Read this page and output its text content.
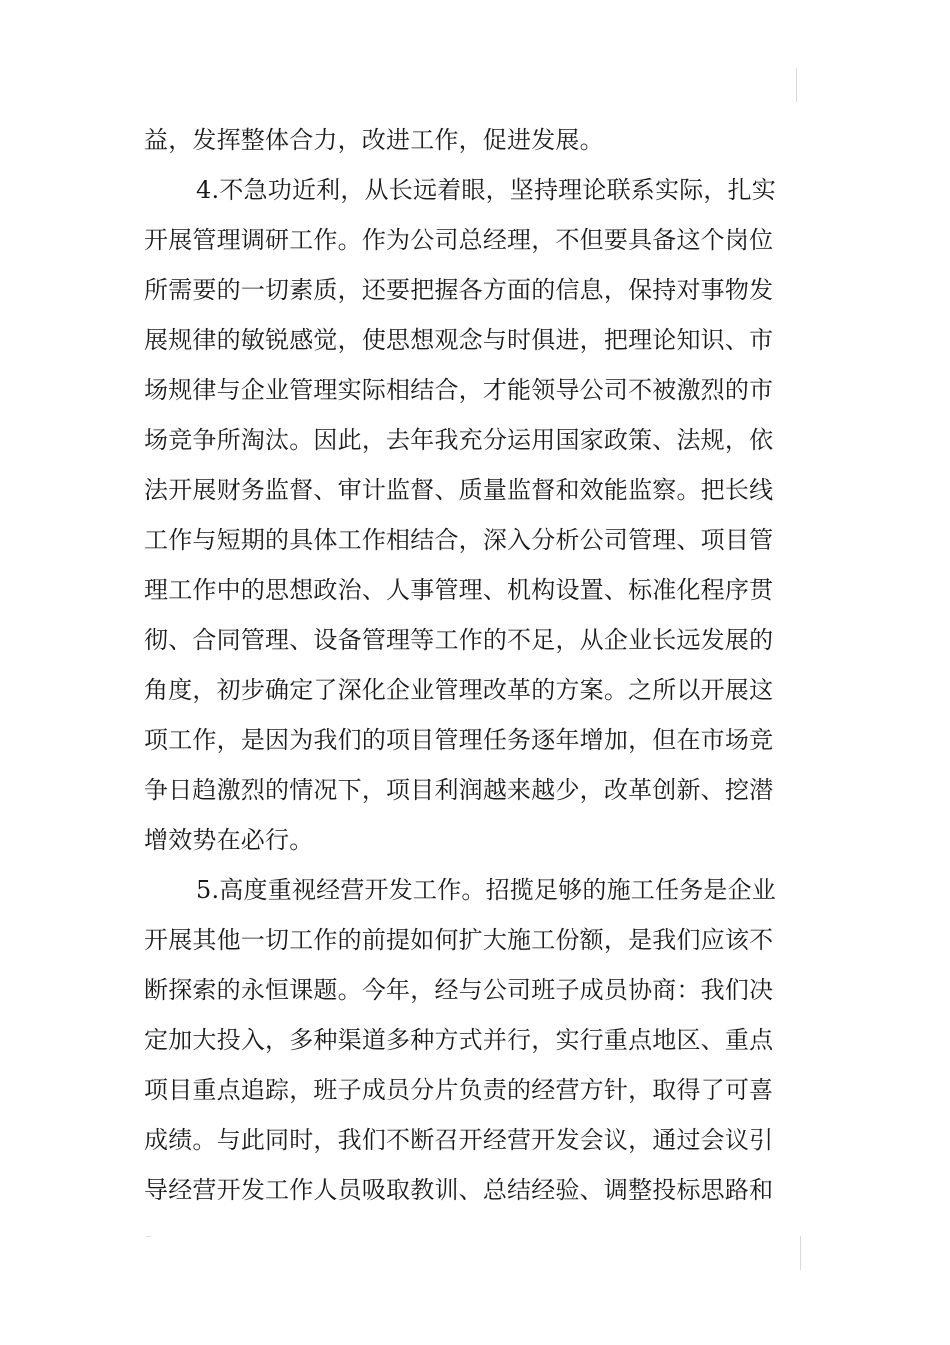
益，发挥整体合力，改进工作，促进发展。
4 . 不 急 功 近 利 ， 从 长 远 着 眼 ， 坚 持 理 论 联 系 实 际 ， 扎 实
开 展 管 理 调 研 工 作 。 作 为 公 司 总 经 理 ， 不 但 要 具 备 这 个 岗 位
所 需 要 的 一 切 素 质 ， 还 要 把 握 各 方 面 的 信 息 ， 保 持 对 事 物 发
展 规 律 的 敏 锐 感 觉 ， 使 思 想 观 念 与 时 俱 进 ， 把 理 论 知 识 、 市
场 规 律 与 企 业 管 理 实 际 相 结 合 ， 才 能 领 导 公 司 不 被 激 烈 的 市
场 竞 争 所 淘 汰 。 因 此 ， 去 年 我 充 分 运 用 国 家 政 策 、 法 规 ， 依
法 开 展 财 务 监 督 、 审 计 监 督 、 质 量 监 督 和 效 能 监 察 。 把 长 线
工 作 与 短 期 的 具 体 工 作 相 结 合 ， 深 入 分 析 公 司 管 理 、 项 目 管
理 工 作 中 的 思 想 政 治 、 人 事 管 理 、 机 构 设 置 、 标 准 化 程 序 贯
彻 、 合 同 管 理 、 设 备 管 理 等 工 作 的 不 足 ， 从 企 业 长 远 发 展 的
角 度 ， 初 步 确 定 了 深 化 企 业 管 理 改 革 的 方 案 。 之 所 以 开 展 这
项 工 作 ， 是 因 为 我 们 的 项 目 管 理 任 务 逐 年 增 加 ， 但 在 市 场 竞
争 日 趋 激 烈 的 情 况 下 ， 项 目 利 润 越 来 越 少 ， 改 革 创 新 、 挖 潜
增效势在必行。
5 . 高 度 重 视 经 营 开 发 工 作 。 招 揽 足 够 的 施 工 任 务 是 企 业
开 展 其 他 一 切 工 作 的 前 提 如 何 扩 大 施 工 份 额 ， 是 我 们 应 该 不
断 探 索 的 永 恒 课 题 。 今 年 ， 经 与 公 司 班 子 成 员 协 商 ： 我 们 决
定 加 大 投 入 ， 多 种 渠 道 多 种 方 式 并 行 ， 实 行 重 点 地 区 、 重 点
项 目 重 点 追 踪 ， 班 子 成 员 分 片 负 责 的 经 营 方 针 ， 取 得 了 可 喜
成 绩 。 与 此 同 时 ， 我 们 不 断 召 开 经 营 开 发 会 议 ， 通 过 会 议 引
导 经 营 开 发 工 作 人 员 吸 取 教 训 、 总 结 经 验 、 调 整 投 标 思 路 和
